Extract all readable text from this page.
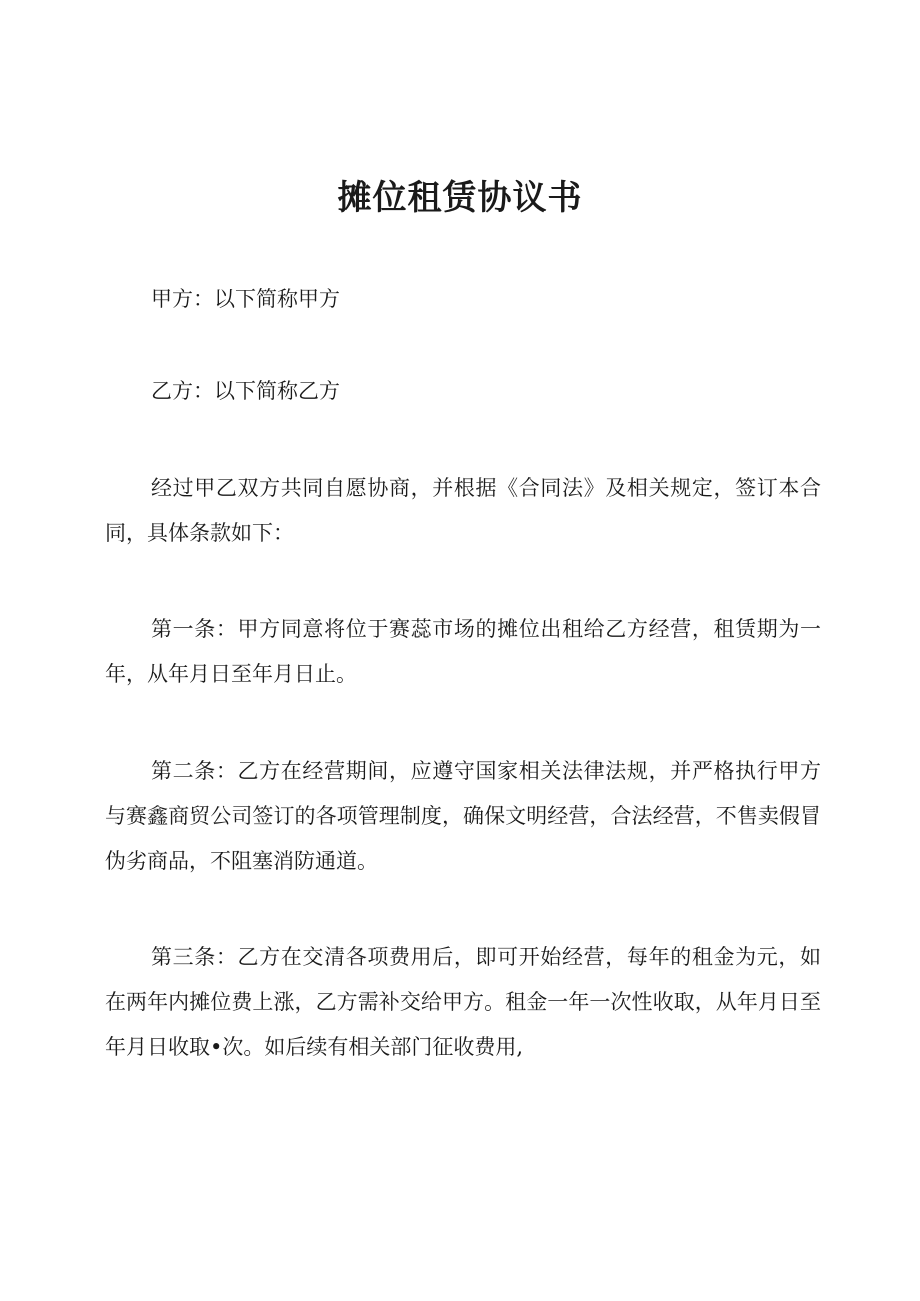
摊位租赁协议书

甲方：以下简称甲方

乙方：以下简称乙方

经过甲乙双方共同自愿协商，并根据《合同法》及相关规定，签订本合同，具体条款如下：

第一条：甲方同意将位于赛蕊市场的摊位出租给乙方经营，租赁期为一年，从年月日至年月日止。

第二条：乙方在经营期间，应遵守国家相关法律法规，并严格执行甲方与赛鑫商贸公司签订的各项管理制度，确保文明经营，合法经营，不售卖假冒伪劣商品，不阻塞消防通道。

第三条：乙方在交清各项费用后，即可开始经营，每年的租金为元，如在两年内摊位费上涨，乙方需补交给甲方。租金一年一次性收取，从年月日至年月日收取•次。如后续有相关部门征收费用,
